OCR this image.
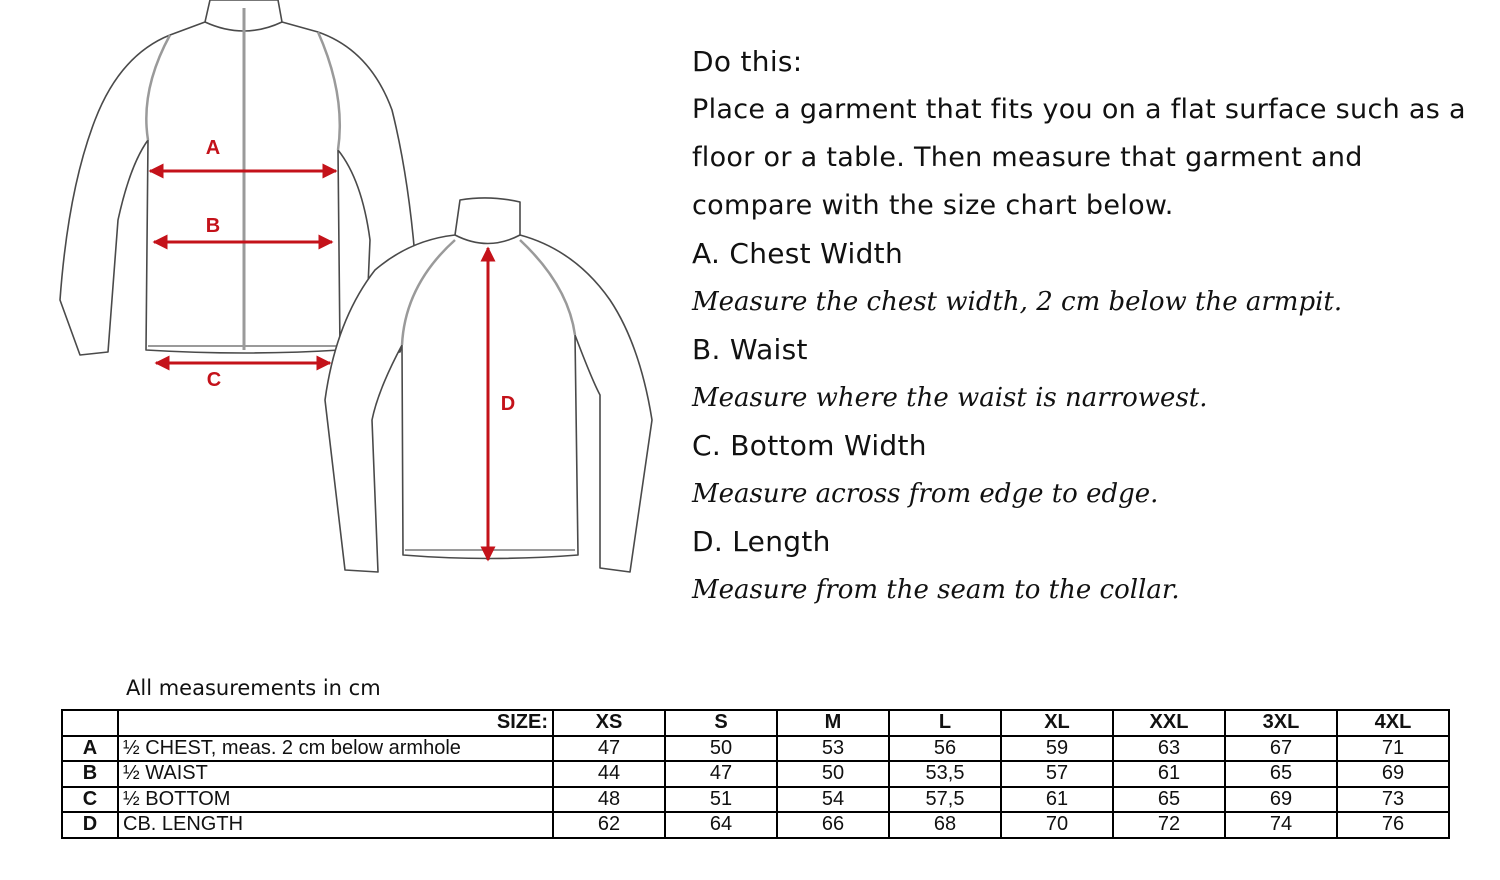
A
B
C
D
Do this:
Place a garment that fits you on a flat surface such as a
floor or a table. Then measure that garment and
compare with the size chart below.
A. Chest Width
Measure the chest width, 2 cm below the armpit.
B. Waist
Measure where the waist is narrowest.
C. Bottom Width
Measure across from edge to edge.
D. Length
Measure from the seam to the collar.
All measurements in cm
	SIZE:	XS	S	M	L	XL	XXL	3XL	4XL
A	½ CHEST, meas. 2 cm below armhole	47	50	53	56	59	63	67	71
B	½ WAIST	44	47	50	53,5	57	61	65	69
C	½ BOTTOM	48	51	54	57,5	61	65	69	73
D	CB. LENGTH	62	64	66	68	70	72	74	76
